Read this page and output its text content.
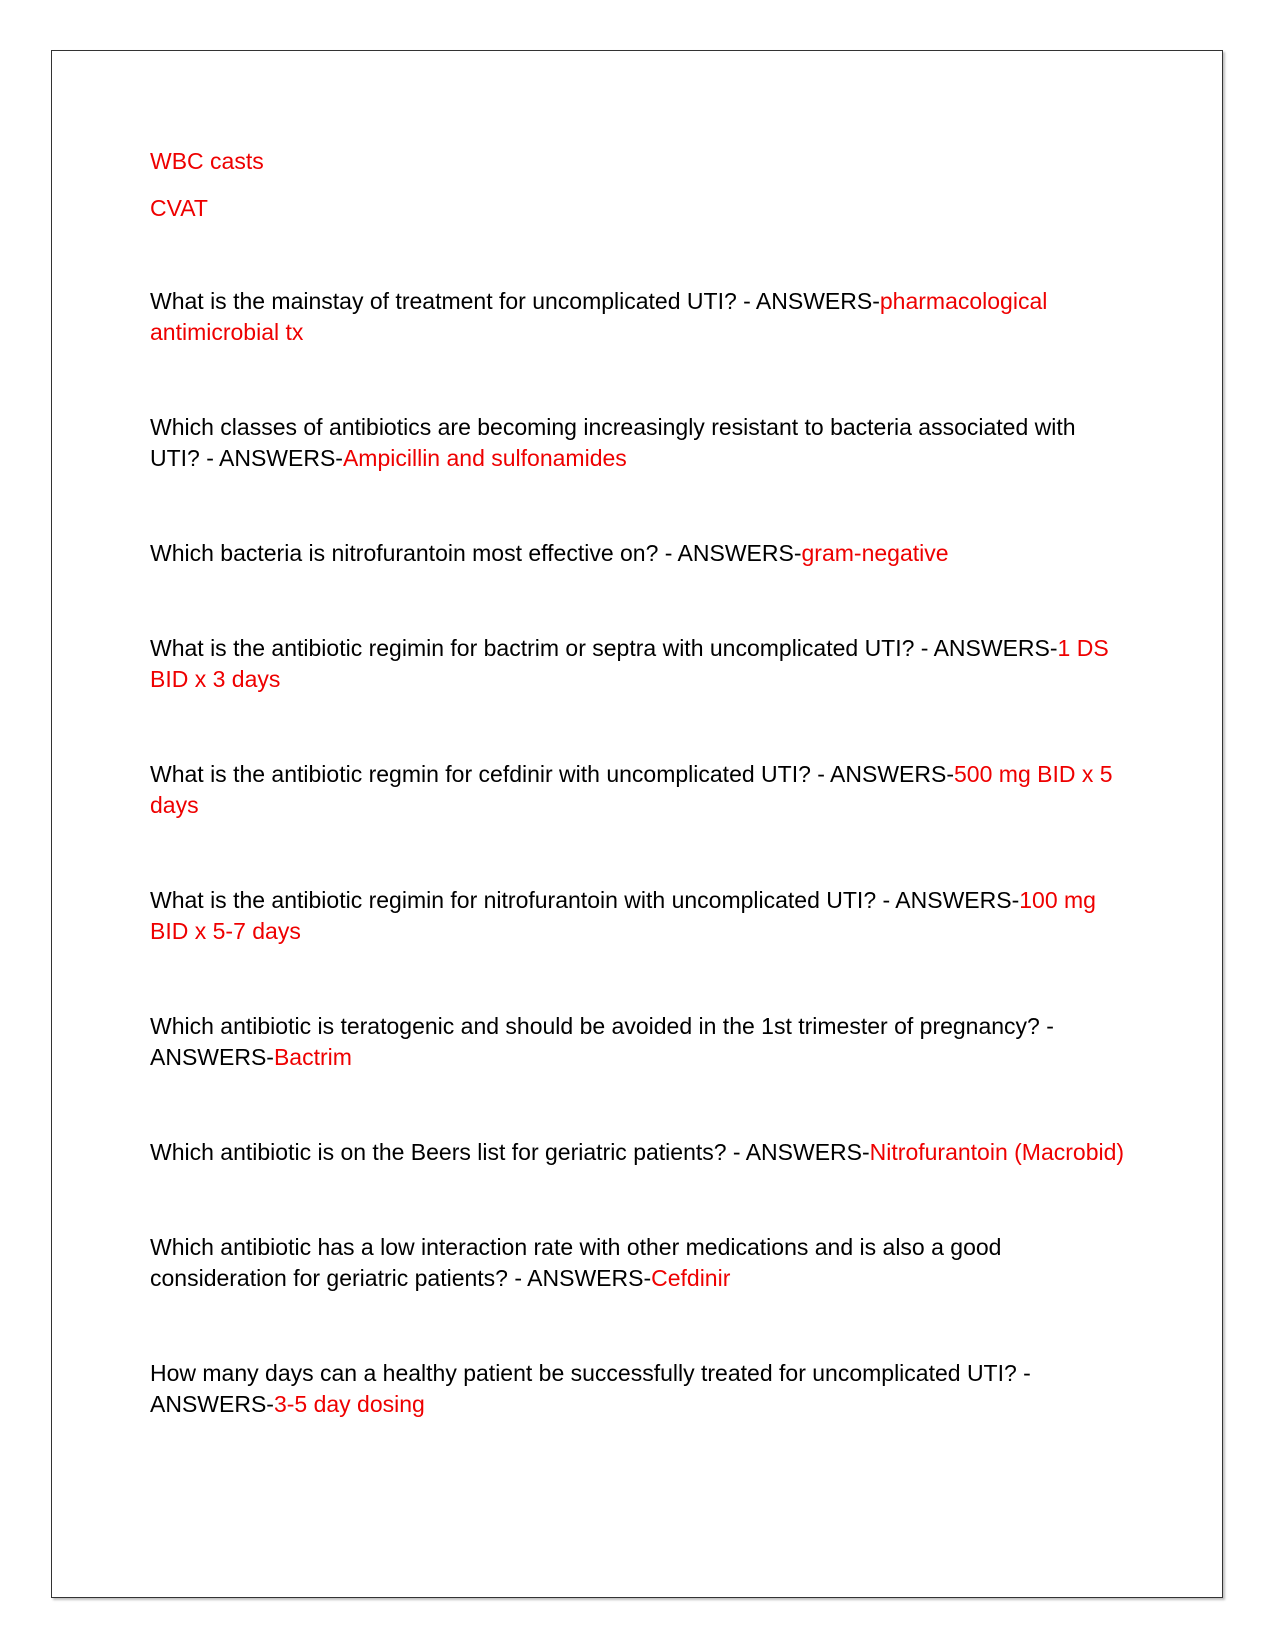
WBC casts

CVAT

What is the mainstay of treatment for uncomplicated UTI? - ANSWERS-pharmacological antimicrobial tx

Which classes of antibiotics are becoming increasingly resistant to bacteria associated with UTI? - ANSWERS-Ampicillin and sulfonamides

Which bacteria is nitrofurantoin most effective on? - ANSWERS-gram-negative

What is the antibiotic regimin for bactrim or septra with uncomplicated UTI? - ANSWERS-1 DS BID x 3 days

What is the antibiotic regmin for cefdinir with uncomplicated UTI? - ANSWERS-500 mg BID x 5 days

What is the antibiotic regimin for nitrofurantoin with uncomplicated UTI? - ANSWERS-100 mg BID x 5-7 days

Which antibiotic is teratogenic and should be avoided in the 1st trimester of pregnancy? - ANSWERS-Bactrim

Which antibiotic is on the Beers list for geriatric patients? - ANSWERS-Nitrofurantoin (Macrobid)

Which antibiotic has a low interaction rate with other medications and is also a good consideration for geriatric patients? - ANSWERS-Cefdinir

How many days can a healthy patient be successfully treated for uncomplicated UTI? - ANSWERS-3-5 day dosing
